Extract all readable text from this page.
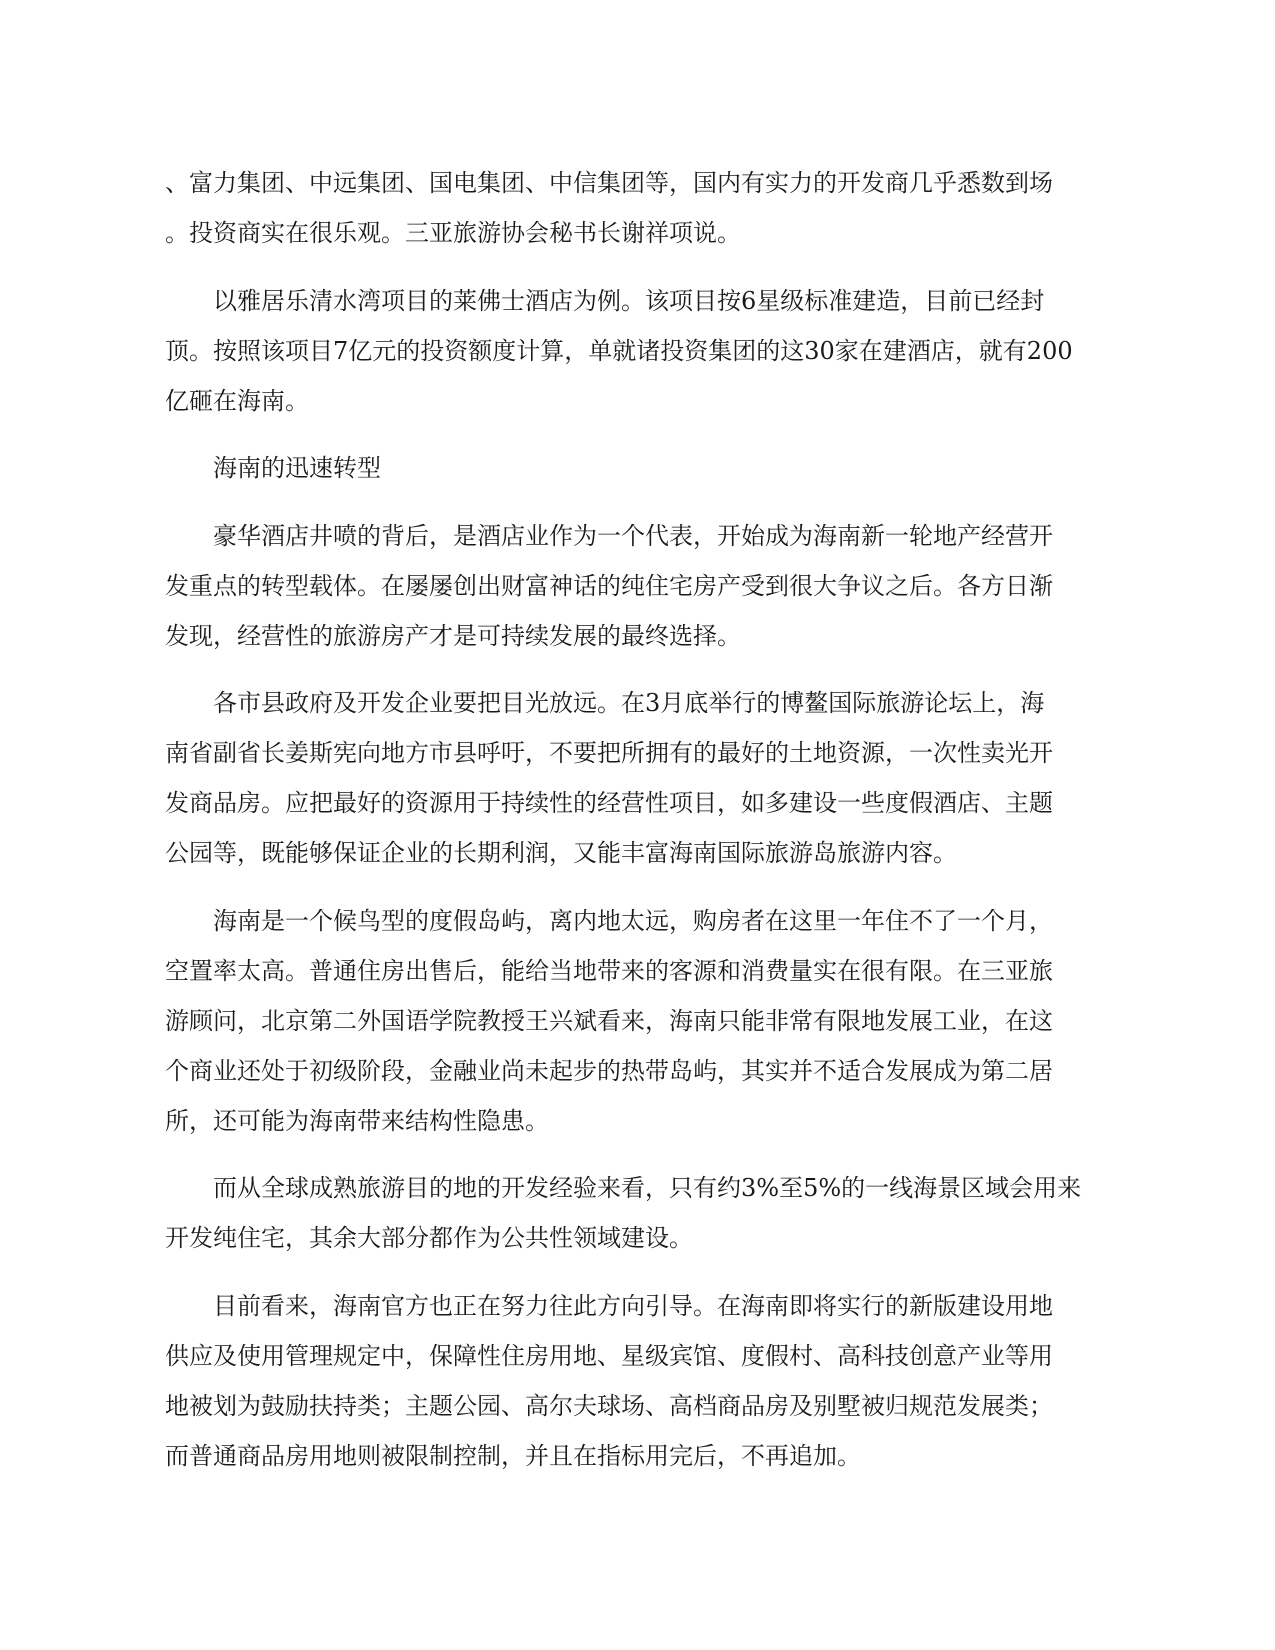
、富力集团、中远集团、国电集团、中信集团等，国内有实力的开发商几乎悉数到场
。投资商实在很乐观。三亚旅游协会秘书长谢祥项说。

以雅居乐清水湾项目的莱佛士酒店为例。该项目按6星级标准建造，目前已经封
顶。按照该项目7亿元的投资额度计算，单就诸投资集团的这30家在建酒店，就有200
亿砸在海南。

海南的迅速转型

豪华酒店井喷的背后，是酒店业作为一个代表，开始成为海南新一轮地产经营开
发重点的转型载体。在屡屡创出财富神话的纯住宅房产受到很大争议之后。各方日渐
发现，经营性的旅游房产才是可持续发展的最终选择。

各市县政府及开发企业要把目光放远。在3月底举行的博鳌国际旅游论坛上，海
南省副省长姜斯宪向地方市县呼吁，不要把所拥有的最好的土地资源，一次性卖光开
发商品房。应把最好的资源用于持续性的经营性项目，如多建设一些度假酒店、主题
公园等，既能够保证企业的长期利润，又能丰富海南国际旅游岛旅游内容。

海南是一个候鸟型的度假岛屿，离内地太远，购房者在这里一年住不了一个月，
空置率太高。普通住房出售后，能给当地带来的客源和消费量实在很有限。在三亚旅
游顾问，北京第二外国语学院教授王兴斌看来，海南只能非常有限地发展工业，在这
个商业还处于初级阶段，金融业尚未起步的热带岛屿，其实并不适合发展成为第二居
所，还可能为海南带来结构性隐患。

而从全球成熟旅游目的地的开发经验来看，只有约3%至5%的一线海景区域会用来
开发纯住宅，其余大部分都作为公共性领域建设。

目前看来，海南官方也正在努力往此方向引导。在海南即将实行的新版建设用地
供应及使用管理规定中，保障性住房用地、星级宾馆、度假村、高科技创意产业等用
地被划为鼓励扶持类；主题公园、高尔夫球场、高档商品房及别墅被归规范发展类；
而普通商品房用地则被限制控制，并且在指标用完后，不再追加。
